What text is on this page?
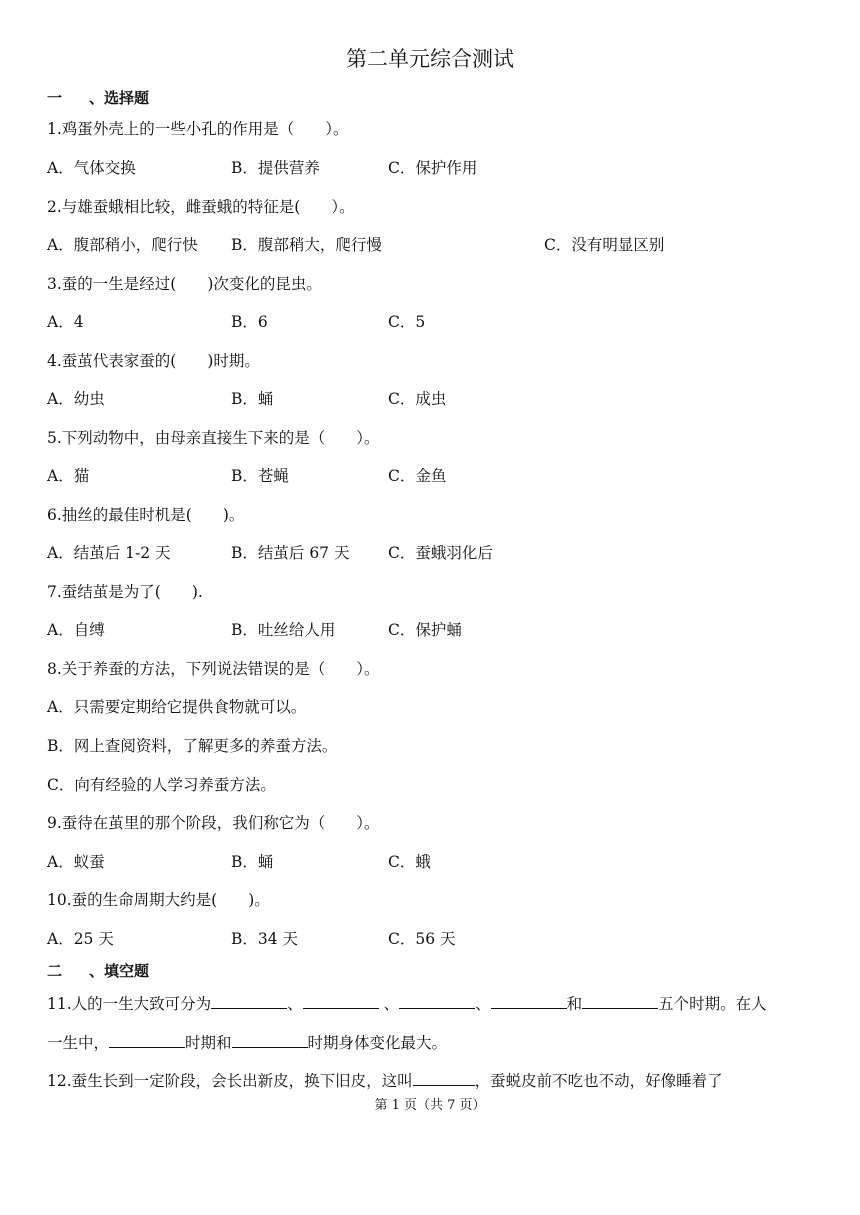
第二单元综合测试
一 、选择题
1.鸡蛋外壳上的一些小孔的作用是（　　）。
A．气体交换	B．提供营养	C．保护作用
2.与雄蚕蛾相比较，雌蚕蛾的特征是(　　）。
A．腹部稍小，爬行快 B．腹部稍大，爬行慢	C．没有明显区别
3.蚕的一生是经过(　　)次变化的昆虫。
A．4	B．6	C．5
4.蚕茧代表家蚕的(　　)时期。
A．幼虫	B．蛹	C．成虫
5.下列动物中，由母亲直接生下来的是（　　）。
A．猫	B．苍蝇	C．金鱼
6.抽丝的最佳时机是(　　)。
A．结茧后 1-2 天	B．结茧后 67 天 C．蚕蛾羽化后
7.蚕结茧是为了(　　).
A．自缚	B．吐丝给人用	C．保护蛹
8.关于养蚕的方法，下列说法错误的是（　　）。
A．只需要定期给它提供食物就可以。
B．网上查阅资料，了解更多的养蚕方法。
C．向有经验的人学习养蚕方法。
9.蚕待在茧里的那个阶段，我们称它为（　　）。
A．蚁蚕	B．蛹	C．蛾
10.蚕的生命周期大约是(　　)。
A．25 天	B．34 天	C．56 天
二 、填空题
11.人的一生大致可分为	、	、	、	和	五个时期。在人
一生中，	时期和	时期身体变化最大。
12.蚕生长到一定阶段，会长出新皮，换下旧皮，这叫	，蚕蜕皮前不吃也不动，好像睡着了
第 1 页（共 7 页）
